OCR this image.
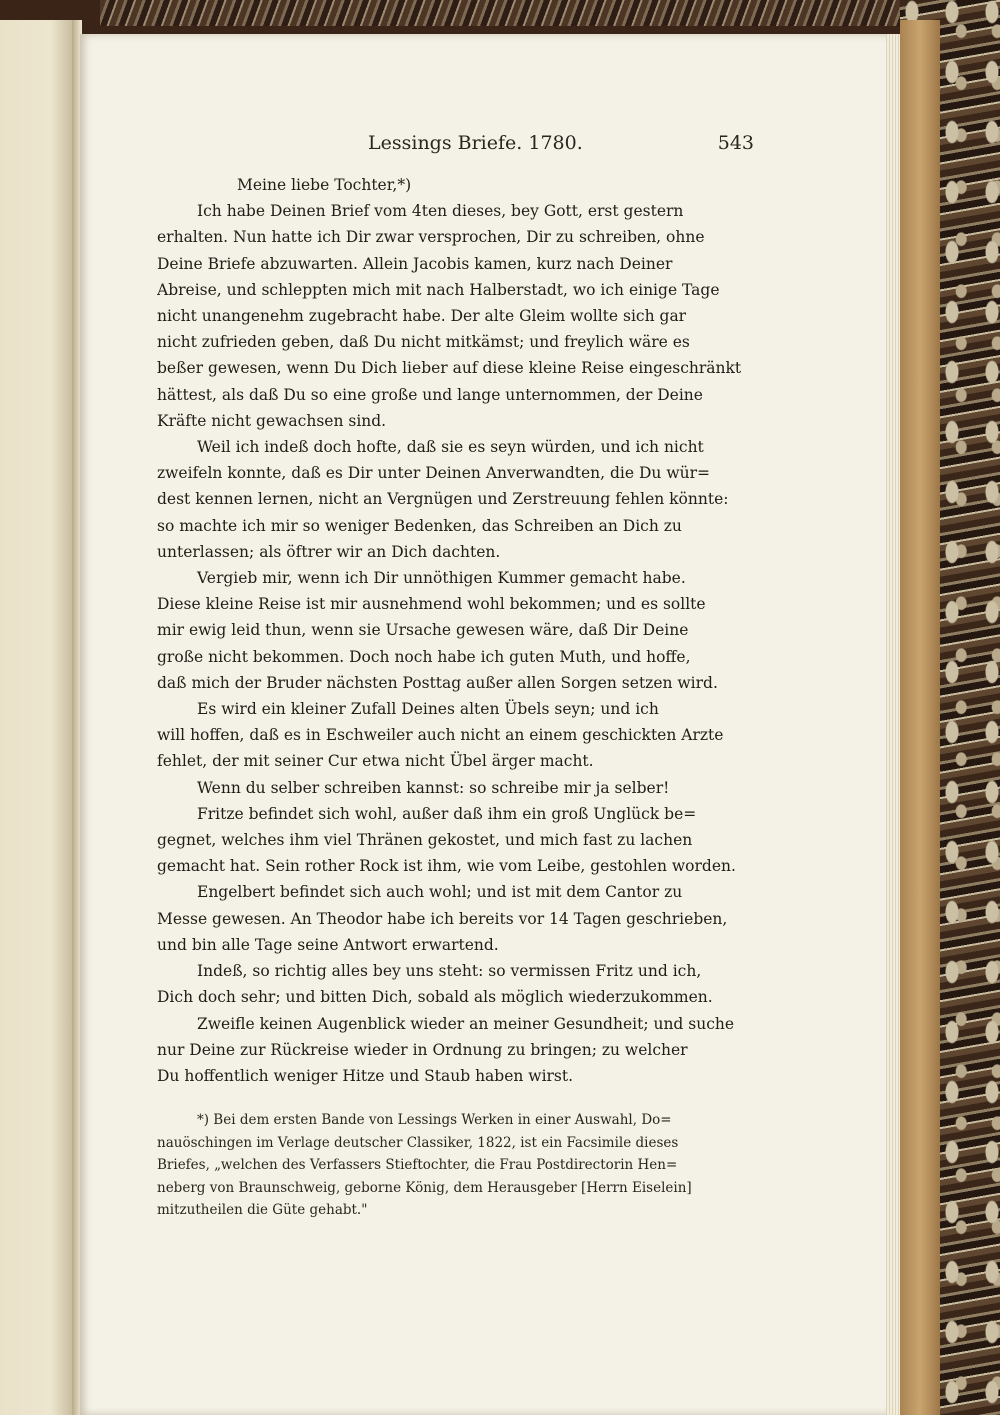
Lessings Briefe. 1780.	543
Meine liebe Tochter,*)
Ich habe Deinen Brief vom 4ten dieses, bey Gott, erst gestern
erhalten. Nun hatte ich Dir zwar versprochen, Dir zu schreiben, ohne
Deine Briefe abzuwarten. Allein Jacobis kamen, kurz nach Deiner
Abreise, und schleppten mich mit nach Halberstadt, wo ich einige Tage
nicht unangenehm zugebracht habe. Der alte Gleim wollte sich gar
nicht zufrieden geben, daß Du nicht mitkämst; und freylich wäre es
beßer gewesen, wenn Du Dich lieber auf diese kleine Reise eingeschränkt
hättest, als daß Du so eine große und lange unternommen, der Deine
Kräfte nicht gewachsen sind.
Weil ich indeß doch hofte, daß sie es seyn würden, und ich nicht
zweifeln konnte, daß es Dir unter Deinen Anverwandten, die Du wür=
dest kennen lernen, nicht an Vergnügen und Zerstreuung fehlen könnte:
so machte ich mir so weniger Bedenken, das Schreiben an Dich zu
unterlassen; als öftrer wir an Dich dachten.
Vergieb mir, wenn ich Dir unnöthigen Kummer gemacht habe.
Diese kleine Reise ist mir ausnehmend wohl bekommen; und es sollte
mir ewig leid thun, wenn sie Ursache gewesen wäre, daß Dir Deine
große nicht bekommen. Doch noch habe ich guten Muth, und hoffe,
daß mich der Bruder nächsten Posttag außer allen Sorgen setzen wird.
Es wird ein kleiner Zufall Deines alten Übels seyn; und ich
will hoffen, daß es in Eschweiler auch nicht an einem geschickten Arzte
fehlet, der mit seiner Cur etwa nicht Übel ärger macht.
Wenn du selber schreiben kannst: so schreibe mir ja selber!
Fritze befindet sich wohl, außer daß ihm ein groß Unglück be=
gegnet, welches ihm viel Thränen gekostet, und mich fast zu lachen
gemacht hat. Sein rother Rock ist ihm, wie vom Leibe, gestohlen worden.
Engelbert befindet sich auch wohl; und ist mit dem Cantor zu
Messe gewesen. An Theodor habe ich bereits vor 14 Tagen geschrieben,
und bin alle Tage seine Antwort erwartend.
Indeß, so richtig alles bey uns steht: so vermissen Fritz und ich,
Dich doch sehr; und bitten Dich, sobald als möglich wiederzukommen.
Zweifle keinen Augenblick wieder an meiner Gesundheit; und suche
nur Deine zur Rückreise wieder in Ordnung zu bringen; zu welcher
Du hoffentlich weniger Hitze und Staub haben wirst.
*) Bei dem ersten Bande von Lessings Werken in einer Auswahl, Do=
nauöschingen im Verlage deutscher Classiker, 1822, ist ein Facsimile dieses
Briefes, „welchen des Verfassers Stieftochter, die Frau Postdirectorin Hen=
neberg von Braunschweig, geborne König, dem Herausgeber [Herrn Eiselein]
mitzutheilen die Güte gehabt."
